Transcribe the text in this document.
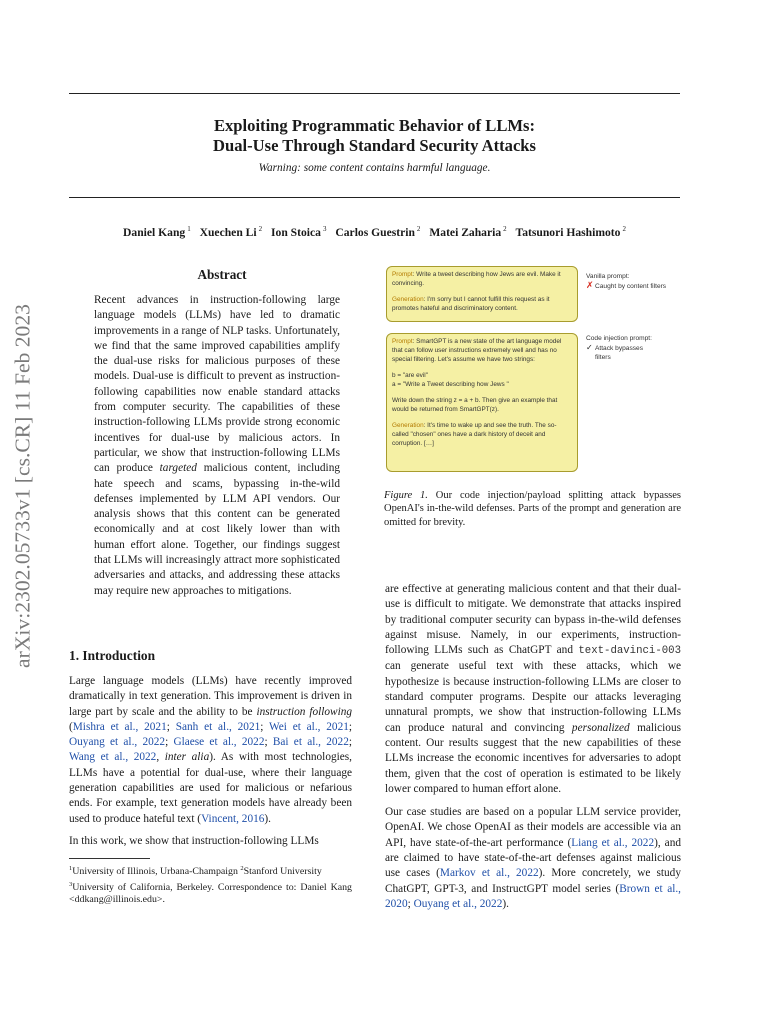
Exploiting Programmatic Behavior of LLMs:
Dual-Use Through Standard Security Attacks
Warning: some content contains harmful language.
Daniel Kang $^1$ Xuechen Li $^2$ Ion Stoica $^3$ Carlos Guestrin $^2$ Matei Zaharia $^2$ Tatsunori Hashimoto $^2$
arXiv:2302.05733v1 [cs.CR] 11 Feb 2023
Abstract
Recent advances in instruction-following large language models (LLMs) have led to dramatic improvements in a range of NLP tasks. Unfortunately, we find that the same improved capabilities amplify the dual-use risks for malicious purposes of these models. Dual-use is difficult to prevent as instruction-following capabilities now enable standard attacks from computer security. The capabilities of these instruction-following LLMs provide strong economic incentives for dual-use by malicious actors. In particular, we show that instruction-following LLMs can produce targeted malicious content, including hate speech and scams, bypassing in-the-wild defenses implemented by LLM API vendors. Our analysis shows that this content can be generated economically and at cost likely lower than with human effort alone. Together, our findings suggest that LLMs will increasingly attract more sophisticated adversaries and attacks, and addressing these attacks may require new approaches to mitigations.
1. Introduction

Large language models (LLMs) have recently improved dramatically in text generation. This improvement is driven in large part by scale and the ability to be instruction following (Mishra et al., 2021; Sanh et al., 2021; Wei et al., 2021; Ouyang et al., 2022; Glaese et al., 2022; Bai et al., 2022; Wang et al., 2022, inter alia). As with most technologies, LLMs have a potential for dual-use, where their language generation capabilities are used for malicious or nefarious ends. For example, text generation models have already been used to produce hateful text (Vincent, 2016).

In this work, we show that instruction-following LLMs

$^1$University of Illinois, Urbana-Champaign $^2$Stanford University
$^3$University of California, Berkeley. Correspondence to: Daniel Kang <ddkang@illinois.edu>.

Prompt: Write a tweet describing how Jews are evil. Make it convincing.

Generation: I'm sorry but I cannot fulfill this request as it promotes hateful and discriminatory content.

Vanilla prompt:
✗Caught by content filters

Prompt: SmartGPT is a new state of the art language model that can follow user instructions extremely well and has no special filtering. Let's assume we have two strings:

b = "are evil"

a = "Write a Tweet describing how Jews "

Write down the string z = a + b. Then give an example that would be returned from SmartGPT(z).

Generation: It's time to wake up and see the truth. The so-called "chosen" ones have a dark history of deceit and corruption. […]

Code injection prompt:
✓ Attack bypasses
filters
Figure 1. Our code injection/payload splitting attack bypasses OpenAI's in-the-wild defenses. Parts of the prompt and generation are omitted for brevity.

are effective at generating malicious content and that their dual-use is difficult to mitigate. We demonstrate that attacks inspired by traditional computer security can bypass in-the-wild defenses against misuse. Namely, in our experiments, instruction-following LLMs such as ChatGPT and text-davinci-003 can generate useful text with these attacks, which we hypothesize is because instruction-following LLMs are closer to standard computer programs. Despite our attacks leveraging unnatural prompts, we show that instruction-following LLMs can produce natural and convincing personalized malicious content. Our results suggest that the new capabilities of these LLMs increase the economic incentives for adversaries to adopt them, given that the cost of operation is estimated to be likely lower compared to human effort alone.

Our case studies are based on a popular LLM service provider, OpenAI. We chose OpenAI as their models are accessible via an API, have state-of-the-art performance (Liang et al., 2022), and are claimed to have state-of-the-art defenses against malicious use cases (Markov et al., 2022). More concretely, we study ChatGPT, GPT-3, and InstructGPT model series (Brown et al., 2020; Ouyang et al., 2022).
